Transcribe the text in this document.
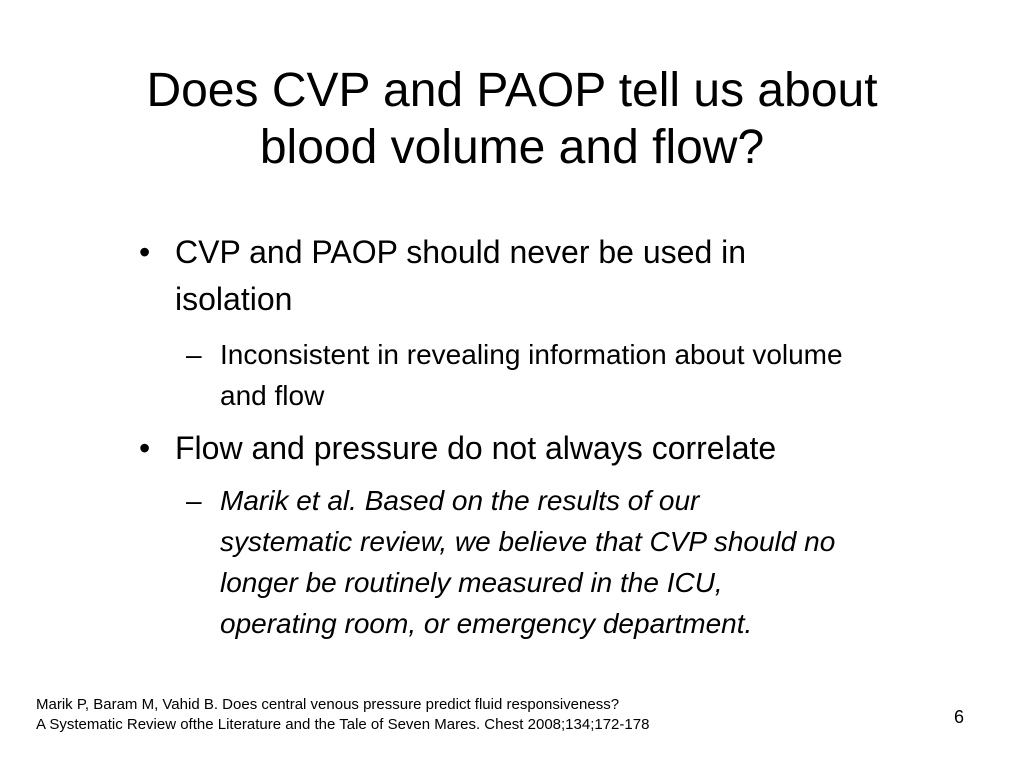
Does CVP and PAOP tell us about
blood volume and flow?
• CVP and PAOP should never be used in
isolation
– Inconsistent in revealing information about volume
and flow
• Flow and pressure do not always correlate
– Marik et al. Based on the results of our
systematic review, we believe that CVP should no
longer be routinely measured in the ICU,
operating room, or emergency department.
Marik P, Baram M, Vahid B. Does central venous pressure predict fluid responsiveness?
A Systematic Review ofthe Literature and the Tale of Seven Mares. Chest 2008;134;172-178	6
